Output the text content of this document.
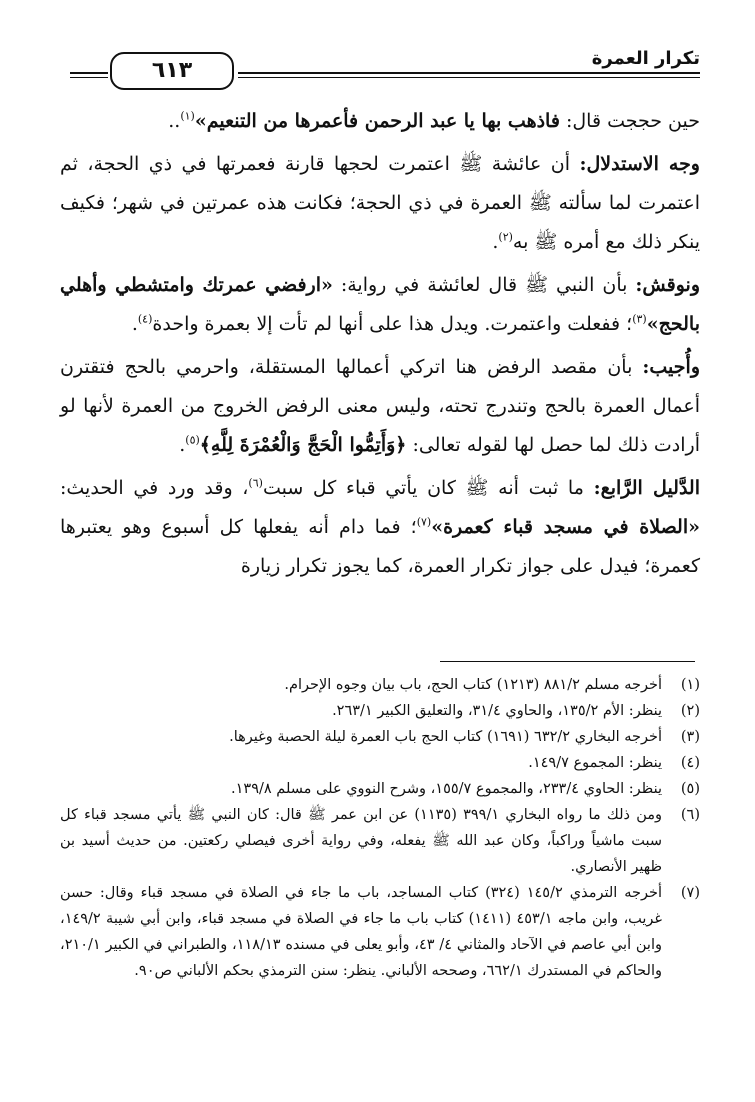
٦١٣	تكرار العمرة

حين حججت قال: فاذهب بها يا عبد الرحمن فأعمرها من التنعيم»$^{(١)}$..

وجه الاستدلال: أن عائشة ﷺ اعتمرت لحجها قارنة فعمرتها في ذي الحجة، ثم اعتمرت لما سألته ﷺ العمرة في ذي الحجة؛ فكانت هذه عمرتين في شهر؛ فكيف ينكر ذلك مع أمره ﷺ به$^{(٢)}$.

ونوقش: بأن النبي ﷺ قال لعائشة في رواية: «ارفضي عمرتك وامتشطي وأهلي بالحج»$^{(٣)}$؛ ففعلت واعتمرت. ويدل هذا على أنها لم تأت إلا بعمرة واحدة$^{(٤)}$.

وأُجيب: بأن مقصد الرفض هنا اتركي أعمالها المستقلة، واحرمي بالحج فتقترن أعمال العمرة بالحج وتندرج تحته، وليس معنى الرفض الخروج من العمرة لأنها لو أرادت ذلك لما حصل لها لقوله تعالى: ﴿وَأَتِمُّوا الْحَجَّ وَالْعُمْرَةَ لِلَّهِ﴾$^{(٥)}$.

الدَّليل الرَّابع: ما ثبت أنه ﷺ كان يأتي قباء كل سبت$^{(٦)}$، وقد ورد في الحديث: «الصلاة في مسجد قباء كعمرة»$^{(٧)}$؛ فما دام أنه يفعلها كل أسبوع وهو يعتبرها كعمرة؛ فيدل على جواز تكرار العمرة، كما يجوز تكرار زيارة

(١)
أخرجه مسلم ٨٨١/٢ (١٢١٣) كتاب الحج، باب بيان وجوه الإحرام.
(٢)
ينظر: الأم ١٣٥/٢، والحاوي ٣١/٤، والتعليق الكبير ٢٦٣/١.
(٣)
أخرجه البخاري ٦٣٢/٢ (١٦٩١) كتاب الحج باب العمرة ليلة الحصبة وغيرها.
(٤)
ينظر: المجموع ١٤٩/٧.
(٥)
ينظر: الحاوي ٢٣٣/٤، والمجموع ١٥٥/٧، وشرح النووي على مسلم ١٣٩/٨.
(٦)
ومن ذلك ما رواه البخاري ٣٩٩/١ (١١٣٥) عن ابن عمر ﷺ قال: كان النبي ﷺ يأتي مسجد قباء كل سبت ماشياً وراكباً، وكان عبد الله ﷺ يفعله، وفي رواية أخرى فيصلي ركعتين. من حديث أسيد بن ظهير الأنصاري.
(٧)
أخرجه الترمذي ١٤٥/٢ (٣٢٤) كتاب المساجد، باب ما جاء في الصلاة في مسجد قباء وقال: حسن غريب، وابن ماجه ٤٥٣/١ (١٤١١) كتاب باب ما جاء في الصلاة في مسجد قباء، وابن أبي شيبة ١٤٩/٢، وابن أبي عاصم في الآحاد والمثاني ٤/ ٤٣، وأبو يعلى في مسنده ١١٨/١٣، والطبراني في الكبير ٢١٠/١، والحاكم في المستدرك ٦٦٢/١، وصححه الألباني. ينظر: سنن الترمذي بحكم الألباني ص٩٠.
